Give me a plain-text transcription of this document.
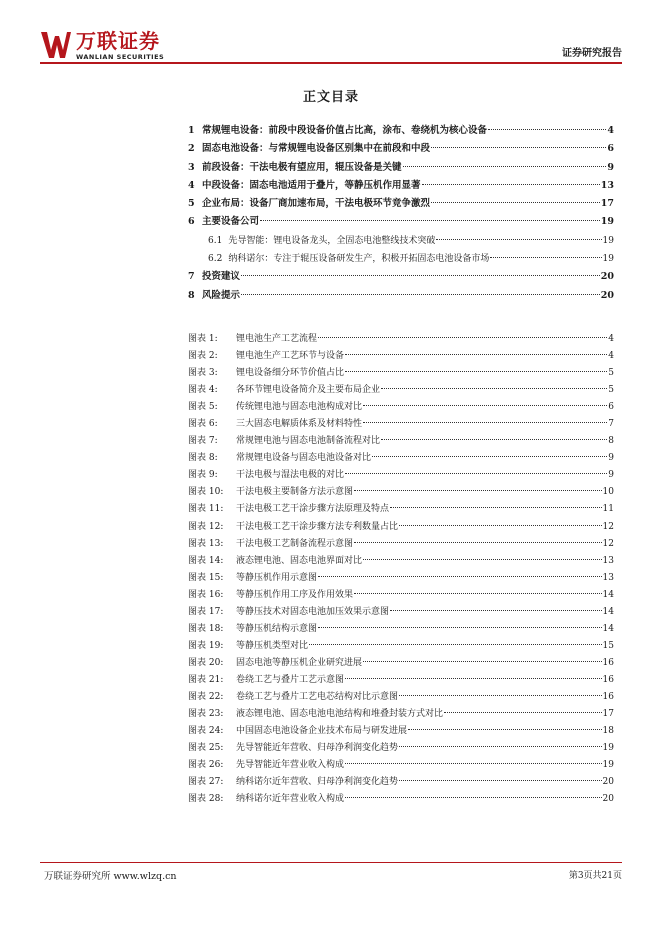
万联证券
WANLIAN SECURITIES	证券研究报告
正文目录
1 常规锂电设备：前段中段设备价值占比高，涂布、卷绕机为核心设备	4
2 固态电池设备：与常规锂电设备区别集中在前段和中段	6
3 前段设备：干法电极有望应用，辊压设备是关键	9
4 中段设备：固态电池适用于叠片，等静压机作用显著	13
5 企业布局：设备厂商加速布局，干法电极环节竞争激烈	17
6 主要设备公司	19
6.1 先导智能：锂电设备龙头，全固态电池整线技术突破	19
6.2 纳科诺尔：专注于辊压设备研发生产，积极开拓固态电池设备市场	19
7 投资建议	20
8 风险提示	20
图表 1:	锂电池生产工艺流程	4
图表 2:	锂电池生产工艺环节与设备	4
图表 3:	锂电设备细分环节价值占比	5
图表 4:	各环节锂电设备简介及主要布局企业	5
图表 5:	传统锂电池与固态电池构成对比	6
图表 6:	三大固态电解质体系及材料特性	7
图表 7:	常规锂电池与固态电池制备流程对比	8
图表 8:	常规锂电设备与固态电池设备对比	9
图表 9:	干法电极与湿法电极的对比	9
图表 10:	干法电极主要制备方法示意图	10
图表 11:	干法电极工艺干涂步骤方法原理及特点	11
图表 12:	干法电极工艺干涂步骤方法专利数量占比	12
图表 13:	干法电极工艺制备流程示意图	12
图表 14:	液态锂电池、固态电池界面对比	13
图表 15:	等静压机作用示意图	13
图表 16:	等静压机作用工序及作用效果	14
图表 17:	等静压技术对固态电池加压效果示意图	14
图表 18:	等静压机结构示意图	14
图表 19:	等静压机类型对比	15
图表 20:	固态电池等静压机企业研究进展	16
图表 21:	卷绕工艺与叠片工艺示意图	16
图表 22:	卷绕工艺与叠片工艺电芯结构对比示意图	16
图表 23:	液态锂电池、固态电池电池结构和堆叠封装方式对比	17
图表 24:	中国固态电池设备企业技术布局与研发进展	18
图表 25:	先导智能近年营收、归母净利润变化趋势	19
图表 26:	先导智能近年营业收入构成	19
图表 27:	纳科诺尔近年营收、归母净利润变化趋势	20
图表 28:	纳科诺尔近年营业收入构成	20
万联证券研究所 www.wlzq.cn	第3页共21页
